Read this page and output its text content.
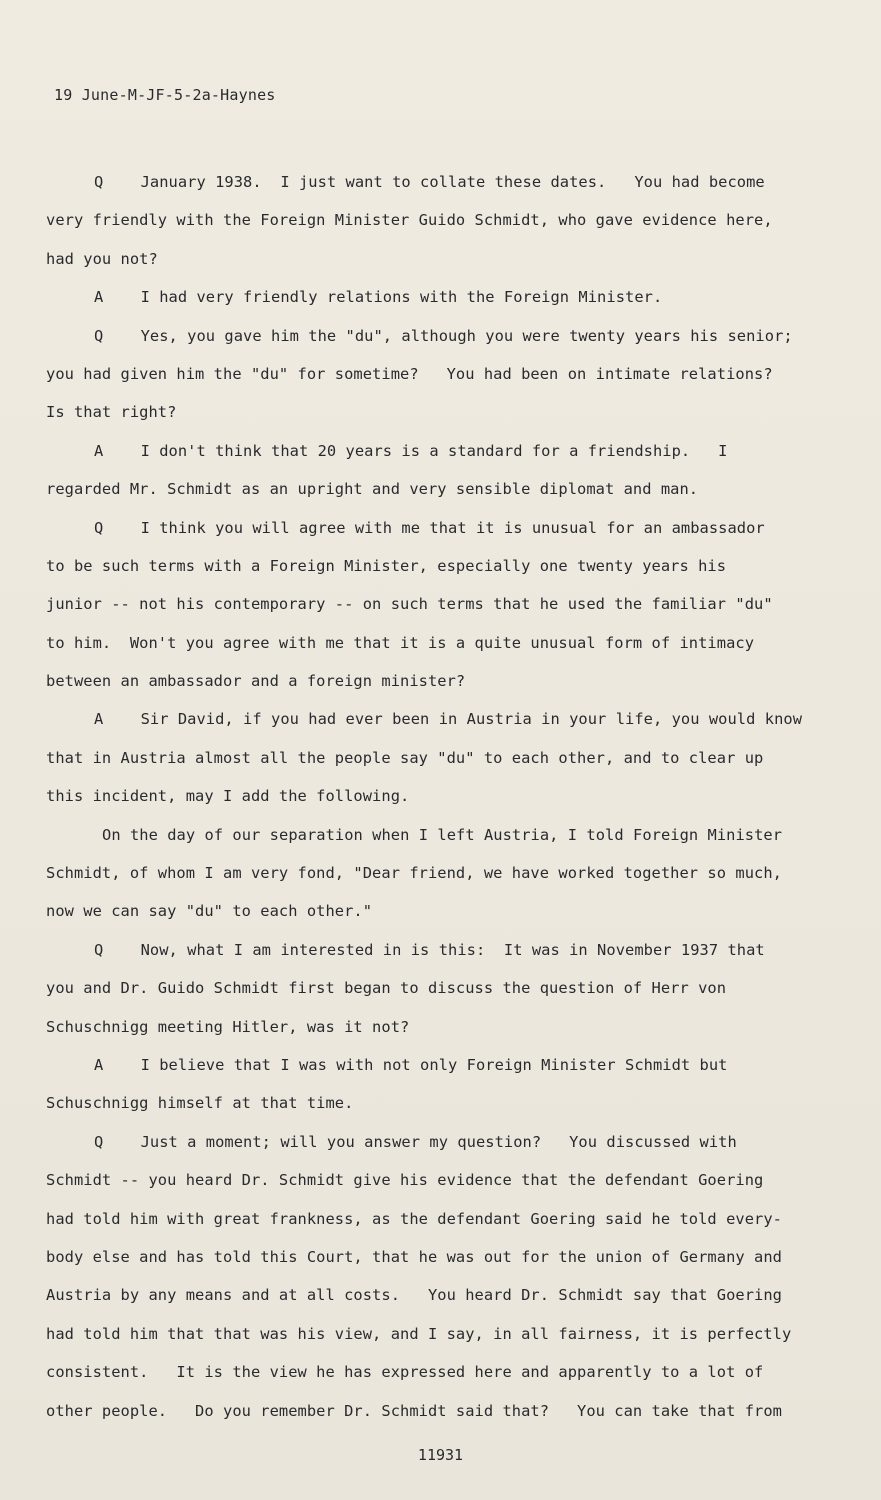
19 June-M-JF-5-2a-Haynes
Q    January 1938.  I just want to collate these dates.   You had become
very friendly with the Foreign Minister Guido Schmidt, who gave evidence here,
had you not?
A    I had very friendly relations with the Foreign Minister.
Q    Yes, you gave him the "du", although you were twenty years his senior;
you had given him the "du" for sometime?   You had been on intimate relations?
Is that right?
A    I don't think that 20 years is a standard for a friendship.   I
regarded Mr. Schmidt as an upright and very sensible diplomat and man.
Q    I think you will agree with me that it is unusual for an ambassador
to be such terms with a Foreign Minister, especially one twenty years his
junior -- not his contemporary -- on such terms that he used the familiar "du"
to him.  Won't you agree with me that it is a quite unusual form of intimacy
between an ambassador and a foreign minister?
A    Sir David, if you had ever been in Austria in your life, you would know
that in Austria almost all the people say "du" to each other, and to clear up
this incident, may I add the following.
On the day of our separation when I left Austria, I told Foreign Minister
Schmidt, of whom I am very fond, "Dear friend, we have worked together so much,
now we can say "du" to each other."
Q    Now, what I am interested in is this:  It was in November 1937 that
you and Dr. Guido Schmidt first began to discuss the question of Herr von
Schuschnigg meeting Hitler, was it not?
A    I believe that I was with not only Foreign Minister Schmidt but
Schuschnigg himself at that time.
Q    Just a moment; will you answer my question?   You discussed with
Schmidt -- you heard Dr. Schmidt give his evidence that the defendant Goering
had told him with great frankness, as the defendant Goering said he told every-
body else and has told this Court, that he was out for the union of Germany and
Austria by any means and at all costs.   You heard Dr. Schmidt say that Goering
had told him that that was his view, and I say, in all fairness, it is perfectly
consistent.   It is the view he has expressed here and apparently to a lot of
other people.   Do you remember Dr. Schmidt said that?   You can take that from
11931
